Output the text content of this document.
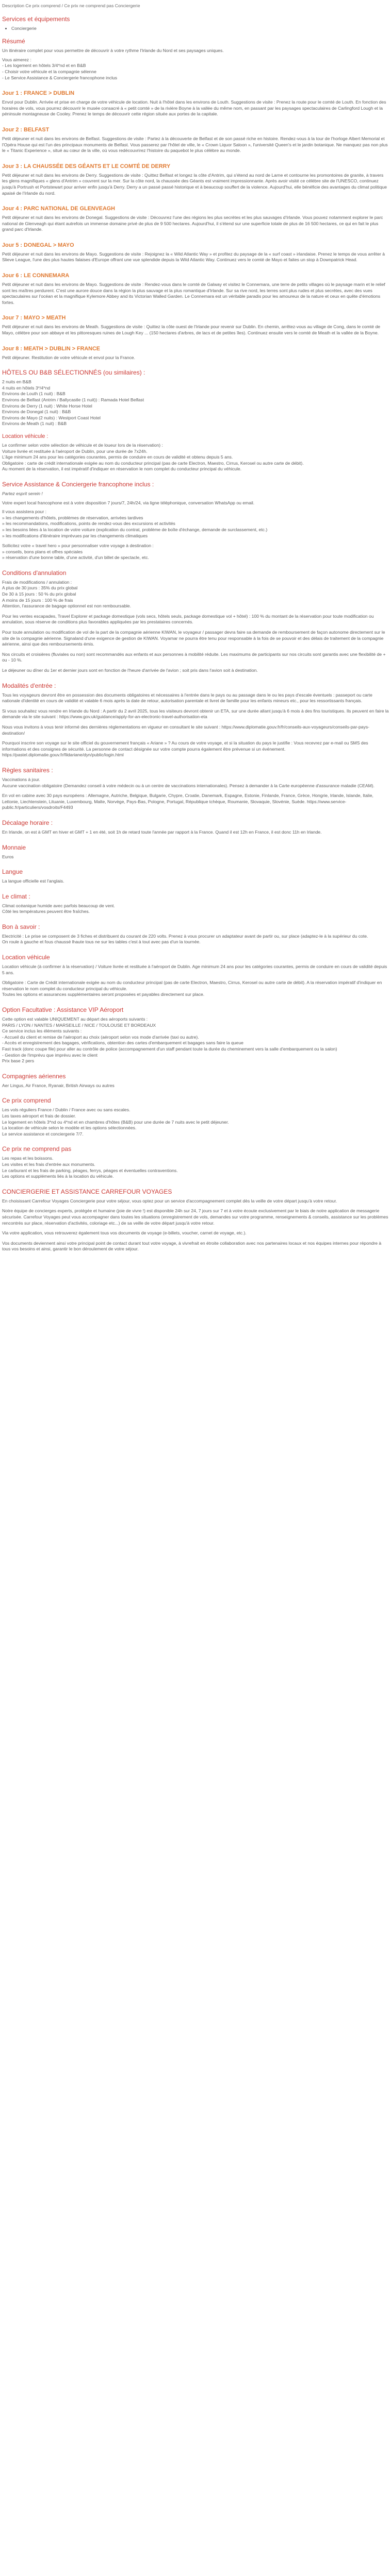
Description Ce prix comprend / Ce prix ne comprend pas Conciergerie
Services et équipements
• Conciergerie
Résumé

Un itinéraire complet pour vous permettre de découvrir à votre rythme l'Irlande du Nord et ses paysages uniques.

Vous aimerez :

- Les logement en hôtels 3/4*nd et en B&B

- Choisir votre véhicule et la compagnie sélenne

- Le Service Assistance & Conciergerie francophone inclus

Jour 1 : FRANCE > DUBLIN

Envol pour Dublin. Arrivée et prise en charge de votre véhicule de location. Nuit à l'hôtel dans les environs de Louth. Suggestions de visite : Prenez la route pour le comté de Louth. En fonction des horaires de vols, vous pourrez découvrir le musée consacré à « petit comté » de la rivière Boyne à la vallée du même nom, en passant par les paysages spectaculaires de Carlingford Lough et la péninsule montagneuse de Cooley. Prenez le temps de découvrir cette région située aux portes de la capitale.

Jour 2 : BELFAST

Petit déjeuner et nuit dans les environs de Belfast. Suggestions de visite : Partez à la découverte de Belfast et de son passé riche en histoire. Rendez-vous à la tour de l'horloge Albert Memorial et l'Opéra House qui est l'un des principaux monuments de Belfast. Vous passerez par l'hôtel de ville, le « Crown Liquor Saloon », l'université Queen's et le jardin botanique. Ne manquez pas non plus le « Titanic Experience », situé au cœur de la ville, où vous redécouvrirez l'histoire du paquebot le plus célèbre au monde.

Jour 3 : LA CHAUSSÉE DES GÉANTS ET LE COMTÉ DE DERRY

Petit déjeuner et nuit dans les environs de Derry. Suggestions de visite : Quittez Belfast et longez la côte d'Antrim, qui s'étend au nord de Larne et contourne les promontoires de granite, à travers les glens magnifiques « glens d'Antrim » couvrent sur la mer. Sur la côte nord, la chaussée des Géants est vraiment impressionnante. Après avoir visité ce célèbre site de l'UNESCO, continuez jusqu'à Portrush et Portstewart pour arriver enfin jusqu'à Derry. Derry a un passé passé historique et à beaucoup souffert de la violence. Aujourd'hui, elle bénéficie des avantages du climat politique apaisé de l'Irlande du nord.

Jour 4 : PARC NATIONAL DE GLENVEAGH

Petit déjeuner et nuit dans les environs de Donegal. Suggestions de visite : Découvrez l'une des régions les plus secrètes et les plus sauvages d'Irlande. Vous pouvez notamment explorer le parc national de Glenveagh qui étant autrefois un immense domaine privé de plus de 9 500 hectares. Aujourd'hui, il s'étend sur une superficie totale de plus de 16 500 hectares, ce qui en fait le plus grand parc d'Irlande.

Jour 5 : DONEGAL > MAYO

Petit déjeuner et nuit dans les environs de Mayo. Suggestions de visite : Rejoignez la « Wild Atlantic Way » et profitez du paysage de la « surf coast » irlandaise. Prenez le temps de vous arrêter à Slieve League, l'une des plus hautes falaises d'Europe offrant une vue splendide depuis la Wild Atlantic Way. Continuez vers le comté de Mayo et faites un stop à Downpatrick Head.

Jour 6 : LE CONNEMARA

Petit déjeuner et nuit dans les environs de Mayo. Suggestions de visite : Rendez-vous dans le comté de Galway et visitez le Connemara, une terre de petits villages où le paysage marin et le relief sont les maîtres perdurent. C'est une aurore douce dans la région la plus sauvage et la plus romantique d'Irlande. Sur sa rive nord, les terres sont plus rudes et plus secrètes, avec des vues spectaculaires sur l'océan et la magnifique Kylemore Abbey and its Victorian Walled Garden. Le Connemara est un véritable paradis pour les amoureux de la nature et ceux en quête d'émotions fortes.

Jour 7 : MAYO > MEATH

Petit déjeuner et nuit dans les environs de Meath. Suggestions de visite : Quittez la côte ouest de l'Irlande pour revenir sur Dublin. En chemin, arrêtez-vous au village de Cong, dans le comté de Mayo, célèbre pour son abbaye et les pittoresques ruines de Lough Key ... (150 hectares d'arbres, de lacs et de petites îles). Continuez ensuite vers le comté de Meath et la vallée de la Boyne.

Jour 8 : MEATH > DUBLIN > FRANCE

Petit déjeuner. Restitution de votre véhicule et envol pour la France.

HÔTELS OU B&B SÉLECTIONNÉS (ou similaires) :
2 nuits en B&B
4 nuits en hôtels 3*/4*nd
Environs de Louth (1 nuit) : B&B
Environs de Belfast (Antrim / Ballycastle (1 nuit)) : Ramada Hotel Belfast
Environs de Derry (1 nuit) : White Horse Hotel
Environs de Donegal (1 nuit) : B&B
Environs de Mayo (2 nuits) : Westport Coast Hotel
Environs de Meath (1 nuit) : B&B
Location véhicule :

Le confirmer selon votre sélection de véhicule et de loueur lors de la réservation) :

Voiture livrée et restituée à l'aéroport de Dublin, pour une durée de 7x24h.

L'âge minimum 24 ans pour les catégories courantes, permis de conduire en cours de validité et obtenu depuis 5 ans.

Obligatoire : carte de crédit internationale exigée au nom du conducteur principal (pas de carte Electron, Maestro, Cirrus, Kerosel ou autre carte de débit).

Au moment de la réservation, il est impératif d'indiquer en réservation le nom complet du conducteur principal du véhicule.

Service Assistance & Conciergerie francophone inclus :

Partez esprit serein !

Votre expert local francophone est à votre disposition 7 jours/7, 24h/24, via ligne téléphonique, conversation WhatsApp ou email.

Il vous assistera pour :

» les changements d'hôtels, problèmes de réservation, arrivées tardives

» les recommandations, modifications, points de rendez-vous des excursions et activités

» les besoins liées à la location de votre voiture (explication du contrat, problème de boîte d'échange, demande de surclassement, etc.)

» les modifications d'itinéraire imprévues par les changements climatiques

Sollicitez votre « travel hero » pour personnaliser votre voyage à destination :

» conseils, bons plans et offres spéciales

» réservation d'une bonne table, d'une activité, d'un billet de spectacle, etc.

Conditions d'annulation

Frais de modifications / annulation :

A plus de 30 jours : 35% du prix global

De 30 à 15 jours : 50 % du prix global

A moins de 15 jours : 100 % de frais

Attention, l'assurance de bagage optionnel est non remboursable.

Pour les ventes escapades, Travel Explorer et package domestique (vols secs, hôtels seuls, package domestique vol + hôtel) : 100 % du montant de la réservation pour toute modification ou annulation, sous réserve de conditions plus favorables appliquées par les prestataires concernés.

Pour toute annulation ou modification de vol de la part de la compagnie aérienne KIWAN, le voyageur / passager devra faire sa demande de remboursement de façon autonome directement sur le site de la compagnie aérienne. Signaland d'une exigence de gestion de KIWAN. Voyamar ne pourra être tenu pour responsable à la fois de se pouvoir et des délais de traitement de la compagnie aérienne, ainsi que des remboursements émis.

Nos circuits et croisières (fluviales ou non) sont recommandés aux enfants et aux personnes à mobilité réduite. Les maximums de participants sur nos circuits sont garantis avec une flexibilité de + ou - 10 %.

Le déjeuner ou dîner du 1er et dernier jours sont en fonction de l'heure d'arrivée de l'avion ; soit pris dans l'avion soit à destination.

Modalités d'entrée :

Tous les voyageurs devront être en possession des documents obligatoires et nécessaires à l'entrée dans le pays ou au passage dans le ou les pays d'escale éventuels : passeport ou carte nationale d'identité en cours de validité et valable 6 mois après la date de retour, autorisation parentale et livret de famille pour les enfants mineurs etc., pour les ressortissants français.

Si vous souhaitez vous rendre en Irlande du Nord : A partir du 2 avril 2025, tous les visiteurs devront obtenir un ETA, sur une durée allant jusqu'à 6 mois à des fins touristiques. Ils peuvent en faire la demande via le site suivant : https://www.gov.uk/guidance/apply-for-an-electronic-travel-authorisation-eta

Nous vous invitons à vous tenir informé des dernières réglementations en vigueur en consultant le site suivant : https://www.diplomatie.gouv.fr/fr/conseils-aux-voyageurs/conseils-par-pays-destination/

Pourquoi inscrire son voyage sur le site officiel du gouvernement français « Ariane » ? Au cours de votre voyage, et si la situation du pays le justifie : Vous recevrez par e-mail ou SMS des informations et des consignes de sécurité. La personne de contact désignée sur votre compte pourra également être prévenue si un événement. https://pastel.diplomatie.gouv.fr/fildariane/dyn/public/login.html

Règles sanitaires :

Vaccinations à jour.

Aucune vaccination obligatoire (Demandez conseil à votre médecin ou à un centre de vaccinations internationales). Pensez à demander à la Carte européenne d'assurance maladie (CEAM).

En vol en cabine avec 30 pays européens : Allemagne, Autriche, Belgique, Bulgarie, Chypre, Croatie, Danemark, Espagne, Estonie, Finlande, France, Grèce, Hongrie, Irlande, Islande, Italie, Lettonie, Liechtenstein, Lituanie, Luxembourg, Malte, Norvège, Pays-Bas, Pologne, Portugal, République tchèque, Roumanie, Slovaquie, Slovénie, Suède. https://www.service-public.fr/particuliers/vosdroits/F4493

Décalage horaire :

En Irlande, on est à GMT en hiver et GMT + 1 en été, soit 1h de retard toute l'année par rapport à la France. Quand il est 12h en France, il est donc 11h en Irlande.

Monnaie

Euros

Langue

La langue officielle est l'anglais.

Le climat :

Climat océanique humide avec parfois beaucoup de vent.

Côté les températures peuvent être fraîches.

Bon à savoir :

Electricité : Le prise se composent de 3 fiches et distribuent du courant de 220 volts. Prenez à vous procurer un adaptateur avant de partir ou, sur place (adaptez-le à la supérieur du cote.

On roule à gauche et fous chaussé lhaute tous ne sur les tables c'est à tout avec pas d'un la tournée.

Location véhicule

Location véhicule (à confirmer à la réservation) / Voiture livrée et restituée à l'aéroport de Dublin. Age minimum 24 ans pour les catégories courantes, permis de conduire en cours de validité depuis 5 ans.

Obligatoire : Carte de Crédit internationale exigée au nom du conducteur principal (pas de carte Electron, Maestro, Cirrus, Kerosel ou autre carte de débit). A la réservation impératif d'indiquer en réservation le nom complet du conducteur principal du véhicule.

Toutes les options et assurances supplémentaires seront proposées et payables directement sur place.

Option Facultative : Assistance VIP Aéroport

Cette option est valable UNIQUEMENT au départ des aéroports suivants :

PARIS / LYON / NANTES / MARSEILLE / NICE / TOULOUSE ET BORDEAUX

Ce service inclus les éléments suivants :

- Accueil du client et remise de l'aéroport au choix (aéroport selon vos mode d'arrivée (taxi ou autre).

- Accès et enregistrement des bagages, vérifications, obtention des cartes d'embarquement et bagages sans faire la queue

Fast track (donc coupe file) pour aller au contrôle de police (accompagnement d'un staff pendant toute la durée du cheminement vers la salle d'embarquement ou la salon)

- Gestion de l'imprévu que imprévu avec le client

Prix base 2 pers

Compagnies aériennes

Aer Lingus, Air France, Ryanair, British Airways ou autres

Ce prix comprend

Les vols réguliers France / Dublin / France avec ou sans escales.

Les taxes aéroport et frais de dossier.

Le logement en hôtels 3*nd ou 4*nd et en chambres d'hôtes (B&B) pour une durée de 7 nuits avec le petit déjeuner.

La location de véhicule selon le modèle et les options sélectionnées.

Le service assistance et conciergerie 7/7.

Ce prix ne comprend pas

Les repas et les boissons.

Les visites et les frais d'entrée aux monuments.

Le carburant et les frais de parking, péages, ferrys, péages et éventuelles contraventions.

Les options et suppléments liés à la location du véhicule.

CONCIERGERIE ET ASSISTANCE CARREFOUR VOYAGES

En choisissant Carrefour Voyages Conciergerie pour votre séjour, vous optez pour un service d'accompagnement complet dès la veille de votre départ jusqu'à votre retour.

Notre équipe de concierges experts, protégée et humaine (joie de vivre !) est disponible 24h sur 24, 7 jours sur 7 et à votre écoute exclusivement par le biais de notre application de messagerie sécurisée. Carrefour Voyages peut vous accompagner dans toutes les situations (enregistrement de vols, demandes sur votre programme, renseignements & conseils, assistance sur les problèmes rencontrés sur place, réservation d'activités, coloriage etc...) de sa veille de votre départ jusqu'à votre retour.

Via votre application, vous retrouverez également tous vos documents de voyage (e-billets, voucher, carnet de voyage, etc.).

Vos documents deviennent ainsi votre principal point de contact durant tout votre voyage, à vivrefrait en étroite collaboration avec nos partenaires locaux et nos équipes internes pour répondre à tous vos besoins et ainsi, garantir le bon déroulement de votre séjour.
